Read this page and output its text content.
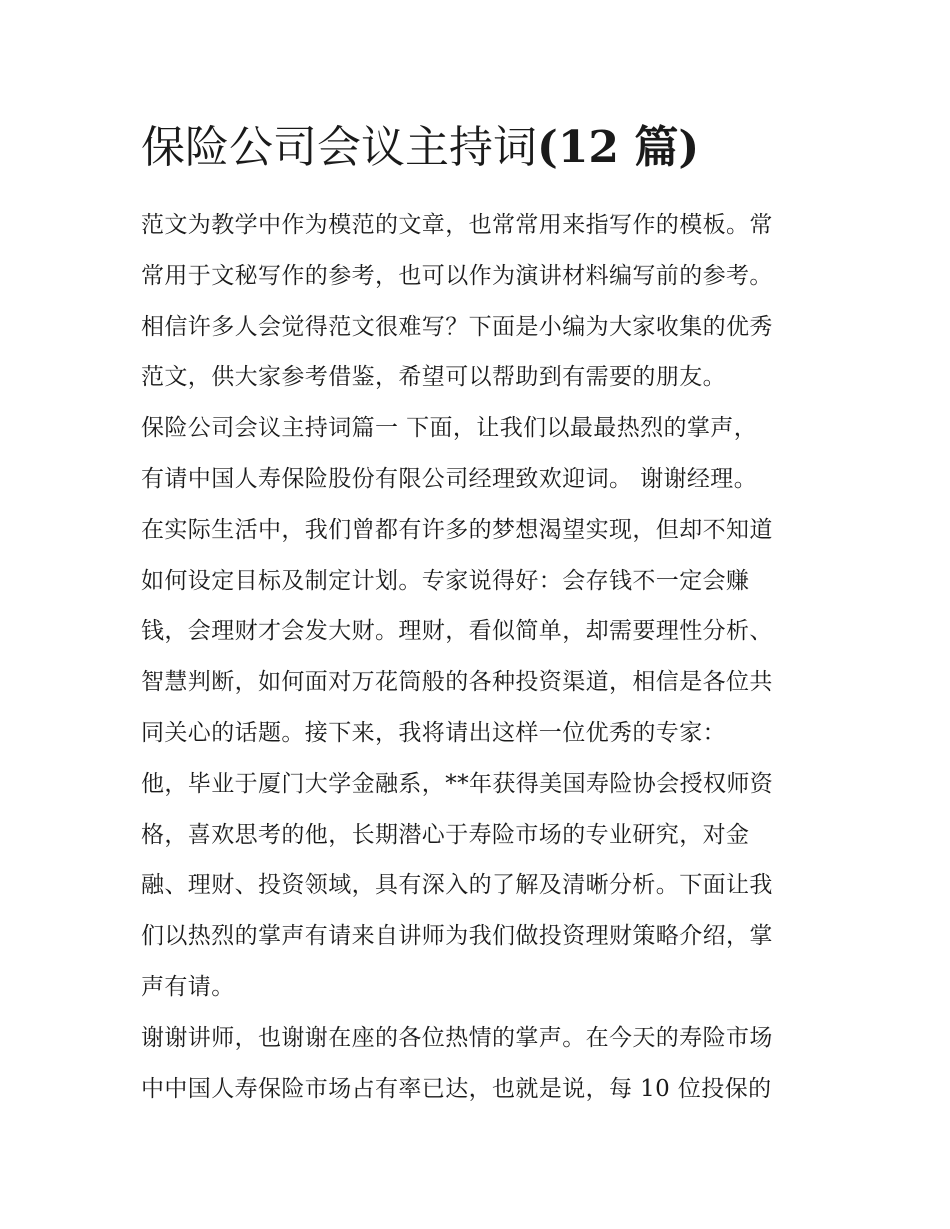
保险公司会议主持词(12 篇)
范文为教学中作为模范的文章，也常常用来指写作的模板。常
常用于文秘写作的参考，也可以作为演讲材料编写前的参考。
相信许多人会觉得范文很难写？下面是小编为大家收集的优秀
范文，供大家参考借鉴，希望可以帮助到有需要的朋友。
保险公司会议主持词篇一 下面，让我们以最最热烈的掌声，
有请中国人寿保险股份有限公司经理致欢迎词。 谢谢经理。
在实际生活中，我们曾都有许多的梦想渴望实现，但却不知道
如何设定目标及制定计划。专家说得好：会存钱不一定会赚
钱，会理财才会发大财。理财，看似简单，却需要理性分析、
智慧判断，如何面对万花筒般的各种投资渠道，相信是各位共
同关心的话题。接下来，我将请出这样一位优秀的专家：
他，毕业于厦门大学金融系，**年获得美国寿险协会授权师资
格，喜欢思考的他，长期潜心于寿险市场的专业研究，对金
融、理财、投资领域，具有深入的了解及清晰分析。下面让我
们以热烈的掌声有请来自讲师为我们做投资理财策略介绍，掌
声有请。
谢谢讲师，也谢谢在座的各位热情的掌声。在今天的寿险市场
中中国人寿保险市场占有率已达，也就是说，每 10 位投保的
